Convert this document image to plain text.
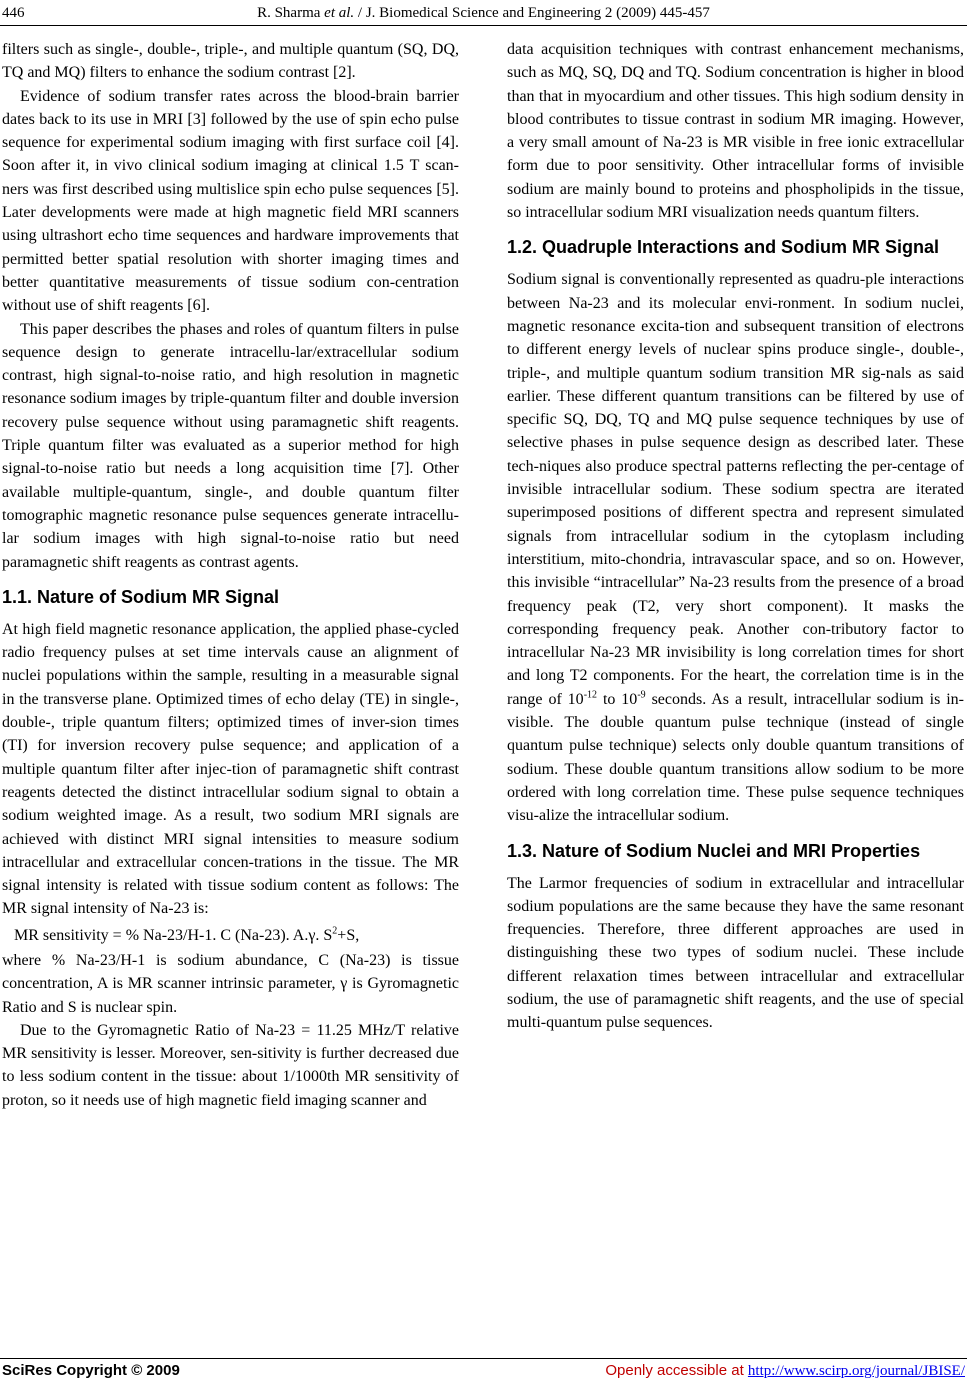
446	R. Sharma et al. / J. Biomedical Science and Engineering 2 (2009) 445-457

filters such as single-, double-, triple-, and multiple quantum (SQ, DQ, TQ and MQ) filters to enhance the sodium contrast [2].

Evidence of sodium transfer rates across the blood-brain barrier dates back to its use in MRI [3] followed by the use of spin echo pulse sequence for experimental sodium imaging with first surface coil [4]. Soon after it, in vivo clinical sodium imaging at clinical 1.5 T scan-ners was first described using multislice spin echo pulse sequences [5]. Later developments were made at high magnetic field MRI scanners using ultrashort echo time sequences and hardware improvements that permitted better spatial resolution with shorter imaging times and better quantitative measurements of tissue sodium con-centration without use of shift reagents [6].

This paper describes the phases and roles of quantum filters in pulse sequence design to generate intracellu-lar/extracellular sodium contrast, high signal-to-noise ratio, and high resolution in magnetic resonance sodium images by triple-quantum filter and double inversion recovery pulse sequence without using paramagnetic shift reagents. Triple quantum filter was evaluated as a superior method for high signal-to-noise ratio but needs a long acquisition time [7]. Other available multiple-quantum, single-, and double quantum filter tomographic magnetic resonance pulse sequences generate intracellu-lar sodium images with high signal-to-noise ratio but need paramagnetic shift reagents as contrast agents.

1.1. Nature of Sodium MR Signal

At high field magnetic resonance application, the applied phase-cycled radio frequency pulses at set time intervals cause an alignment of nuclei populations within the sample, resulting in a measurable signal in the transverse plane. Optimized times of echo delay (TE) in single-, double-, triple quantum filters; optimized times of inver-sion times (TI) for inversion recovery pulse sequence; and application of a multiple quantum filter after injec-tion of paramagnetic shift contrast reagents detected the distinct intracellular sodium signal to obtain a sodium weighted image. As a result, two sodium MRI signals are achieved with distinct MRI signal intensities to measure sodium intracellular and extracellular concen-trations in the tissue. The MR signal intensity is related with tissue sodium content as follows: The MR signal intensity of Na-23 is:

MR sensitivity = % Na-23/H-1. C (Na-23). A.γ. $S^2+S$,

where % Na-23/H-1 is sodium abundance, C (Na-23) is tissue concentration, A is MR scanner intrinsic parameter, γ is Gyromagnetic Ratio and S is nuclear spin.

Due to the Gyromagnetic Ratio of Na-23 = 11.25 MHz/T relative MR sensitivity is lesser. Moreover, sen-sitivity is further decreased due to less sodium content in the tissue: about 1/1000th MR sensitivity of proton, so it needs use of high magnetic field imaging scanner and

data acquisition techniques with contrast enhancement mechanisms, such as MQ, SQ, DQ and TQ. Sodium concentration is higher in blood than that in myocardium and other tissues. This high sodium density in blood contributes to tissue contrast in sodium MR imaging. However, a very small amount of Na-23 is MR visible in free ionic extracellular form due to poor sensitivity. Other intracellular forms of invisible sodium are mainly bound to proteins and phospholipids in the tissue, so intracellular sodium MRI visualization needs quantum filters.

1.2. Quadruple Interactions and Sodium MR Signal

Sodium signal is conventionally represented as quadru-ple interactions between Na-23 and its molecular envi-ronment. In sodium nuclei, magnetic resonance excita-tion and subsequent transition of electrons to different energy levels of nuclear spins produce single-, double-, triple-, and multiple quantum sodium transition MR sig-nals as said earlier. These different quantum transitions can be filtered by use of specific SQ, DQ, TQ and MQ pulse sequence techniques by use of selective phases in pulse sequence design as described later. These tech-niques also produce spectral patterns reflecting the per-centage of invisible intracellular sodium. These sodium spectra are iterated superimposed positions of different spectra and represent simulated signals from intracellular sodium in the cytoplasm including interstitium, mito-chondria, intravascular space, and so on. However, this invisible “intracellular” Na-23 results from the presence of a broad frequency peak (T2, very short component). It masks the corresponding frequency peak. Another con-tributory factor to intracellular Na-23 MR invisibility is long correlation times for short and long T2 components. For the heart, the correlation time is in the range of $10^{-12}$ to $10^{-9}$ seconds. As a result, intracellular sodium is in-visible. The double quantum pulse technique (instead of single quantum pulse technique) selects only double quantum transitions of sodium. These double quantum transitions allow sodium to be more ordered with long correlation time. These pulse sequence techniques visu-alize the intracellular sodium.

1.3. Nature of Sodium Nuclei and MRI Properties

The Larmor frequencies of sodium in extracellular and intracellular sodium populations are the same because they have the same resonant frequencies. Therefore, three different approaches are used in distinguishing these two types of sodium nuclei. These include different relaxation times between intracellular and extracellular sodium, the use of paramagnetic shift reagents, and the use of special multi-quantum pulse sequences.

SciRes Copyright © 2009	Openly accessible at http://www.scirp.org/journal/JBISE/
